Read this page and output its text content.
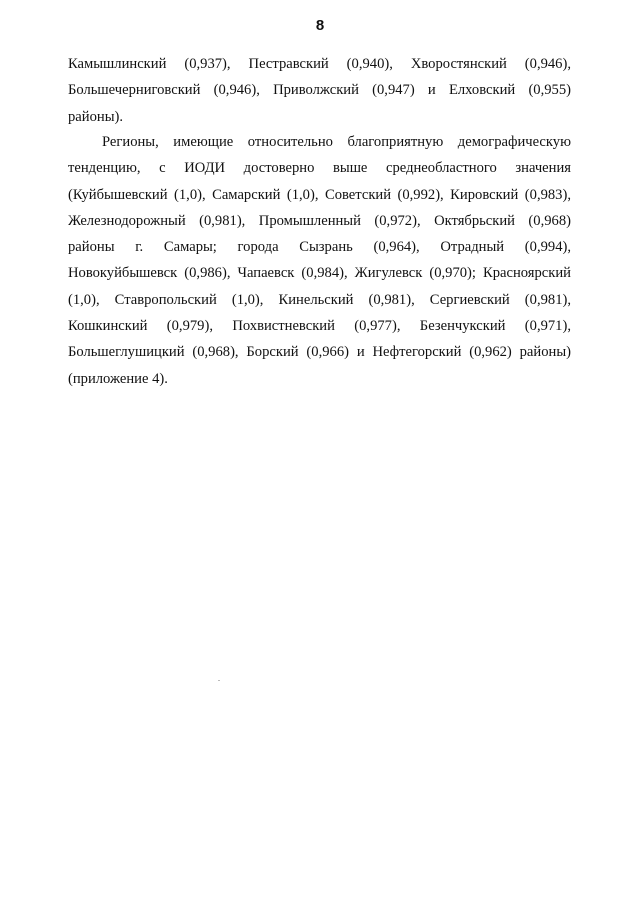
8
Камышлинский (0,937), Пестравский (0,940), Хворостянский (0,946),
Большечерниговский (0,946), Приволжский (0,947) и Елховский (0,955)
районы).
Регионы, имеющие относительно благоприятную демографическую
тенденцию, с ИОДИ достоверно выше среднеобластного значения
(Куйбышевский (1,0), Самарский (1,0), Советский (0,992), Кировский (0,983),
Железнодорожный (0,981), Промышленный (0,972), Октябрьский (0,968)
районы г. Самары; города Сызрань (0,964), Отрадный (0,994),
Новокуйбышевск (0,986), Чапаевск (0,984), Жигулевск (0,970); Красноярский
(1,0), Ставропольский (1,0), Кинельский (0,981), Сергиевский (0,981),
Кошкинский (0,979), Похвистневский (0,977), Безенчукский (0,971),
Большеглушицкий (0,968), Борский (0,966) и Нефтегорский (0,962) районы)
(приложение 4).
